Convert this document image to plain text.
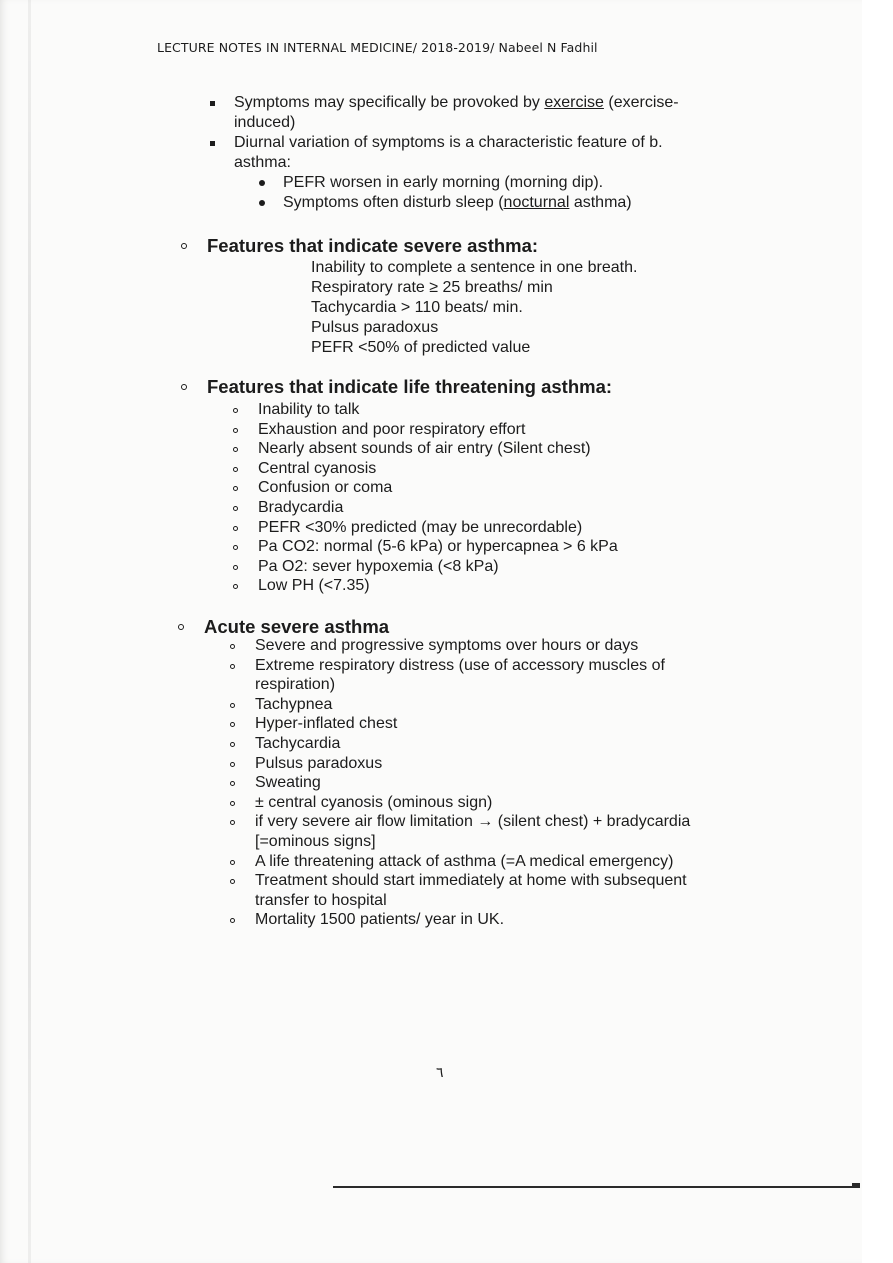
LECTURE NOTES IN INTERNAL MEDICINE/ 2018-2019/ Nabeel N Fadhil
Symptoms may specifically be provoked by exercise (exercise-induced)
Diurnal variation of symptoms is a characteristic feature of b. asthma:
PEFR worsen in early morning (morning dip).
Symptoms often disturb sleep (nocturnal asthma)
Features that indicate severe asthma:
Inability to complete a sentence in one breath.
Respiratory rate ≥ 25 breaths/ min
Tachycardia > 110 beats/ min.
Pulsus paradoxus
PEFR <50% of predicted value
Features that indicate life threatening asthma:
Inability to talk
Exhaustion and poor respiratory effort
Nearly absent sounds of air entry (Silent chest)
Central cyanosis
Confusion or coma
Bradycardia
PEFR <30% predicted (may be unrecordable)
Pa CO2: normal (5-6 kPa) or hypercapnea > 6 kPa
Pa O2: sever hypoxemia (<8 kPa)
Low PH (<7.35)
Acute severe asthma
Severe and progressive symptoms over hours or days
Extreme respiratory distress (use of accessory muscles of respiration)
Tachypnea
Hyper-inflated chest
Tachycardia
Pulsus paradoxus
Sweating
± central cyanosis (ominous sign)
if very severe air flow limitation → (silent chest) + bradycardia [=ominous signs]
A life threatening attack of asthma (=A medical emergency)
Treatment should start immediately at home with subsequent transfer to hospital
Mortality 1500 patients/ year in UK.
٦
